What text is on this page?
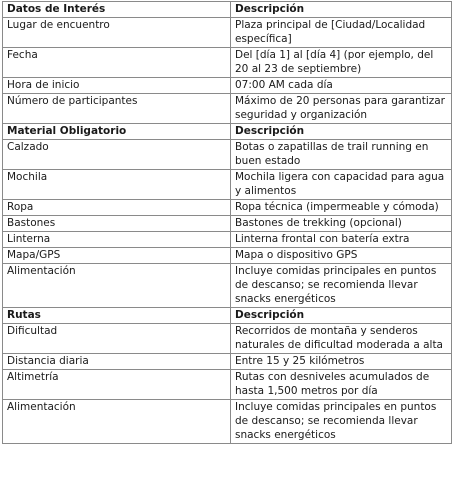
Datos de Interés	Descripción
Lugar de encuentro	Plaza principal de [Ciudad/Localidad específica]
Fecha	Del [día 1] al [día 4] (por ejemplo, del 20 al 23 de septiembre)
Hora de inicio	07:00 AM cada día
Número de participantes	Máximo de 20 personas para garantizar seguridad y organización
Material Obligatorio	Descripción
Calzado	Botas o zapatillas de trail running en buen estado
Mochila	Mochila ligera con capacidad para agua y alimentos
Ropa	Ropa técnica (impermeable y cómoda)
Bastones	Bastones de trekking (opcional)
Linterna	Linterna frontal con batería extra
Mapa/GPS	Mapa o dispositivo GPS
Alimentación	Incluye comidas principales en puntos de descanso; se recomienda llevar snacks energéticos
Rutas	Descripción
Dificultad	Recorridos de montaña y senderos naturales de dificultad moderada a alta
Distancia diaria	Entre 15 y 25 kilómetros
Altimetría	Rutas con desniveles acumulados de hasta 1,500 metros por día
Alimentación	Incluye comidas principales en puntos de descanso; se recomienda llevar snacks energéticos
